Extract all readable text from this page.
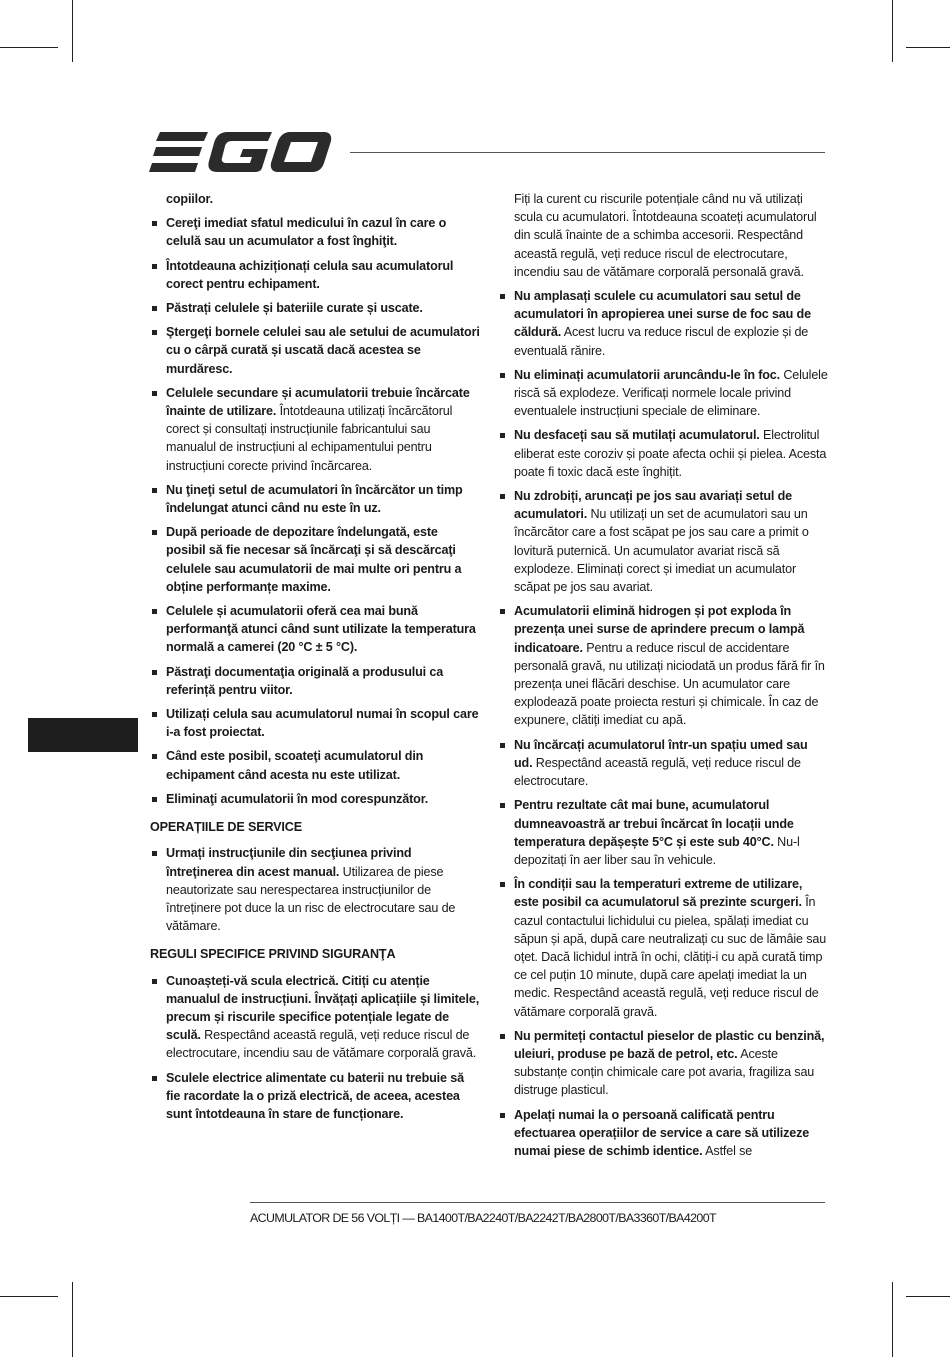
copiilor.

Cereţi imediat sfatul medicului în cazul în care o celulă sau un acumulator a fost înghiţit.
Întotdeauna achiziționați celula sau acumulatorul corect pentru echipament.
Păstrați celulele și bateriile curate și uscate.
Ştergeţi bornele celulei sau ale setului de acumulatori cu o cârpă curată și uscată dacă acestea se murdăresc.
Celulele secundare și acumulatorii trebuie încărcate înainte de utilizare. Întotdeauna utilizați încărcătorul corect și consultați instrucțiunile fabricantului sau manualul de instrucțiuni al echipamentului pentru instrucțiuni corecte privind încărcarea.
Nu ţineţi setul de acumulatori în încărcător un timp îndelungat atunci când nu este în uz.
După perioade de depozitare îndelungată, este posibil să fie necesar să încărcaţi și să descărcaţi celulele sau acumulatorii de mai multe ori pentru a obține performanțe maxime.
Celulele și acumulatorii oferă cea mai bună performanţă atunci când sunt utilizate la temperatura normală a camerei (20 °C ± 5 °C).
Păstraţi documentaţia originală a produsului ca referință pentru viitor.
Utilizați celula sau acumulatorul numai în scopul care i-a fost proiectat.
Când este posibil, scoateţi acumulatorul din echipament când acesta nu este utilizat.
Eliminaţi acumulatorii în mod corespunzător.
OPERAȚIILE DE SERVICE
Urmați instrucţiunile din secţiunea privind întreţinerea din acest manual. Utilizarea de piese neautorizate sau nerespectarea instrucțiunilor de întreținere pot duce la un risc de electrocutare sau de vătămare.
REGULI SPECIFICE PRIVIND SIGURANŢA
Cunoașteți-vă scula electrică. Citiți cu atenție manualul de instrucțiuni. Învățați aplicațiile și limitele, precum și riscurile specifice potențiale legate de sculă. Respectând această regulă, veți reduce riscul de electrocutare, incendiu sau de vătămare corporală gravă.
Sculele electrice alimentate cu baterii nu trebuie să fie racordate la o priză electrică, de aceea, acestea sunt întotdeauna în stare de funcționare.

Fiți la curent cu riscurile potențiale când nu vă utilizați scula cu acumulatori. Întotdeauna scoateți acumulatorul din sculă înainte de a schimba accesorii. Respectând această regulă, veți reduce riscul de electrocutare, incendiu sau de vătămare corporală personală gravă.

Nu amplasați sculele cu acumulatori sau setul de acumulatori în apropierea unei surse de foc sau de căldură. Acest lucru va reduce riscul de explozie și de eventuală rănire.
Nu eliminați acumulatorii aruncându-le în foc. Celulele riscă să explodeze. Verificați normele locale privind eventualele instrucțiuni speciale de eliminare.
Nu desfaceți sau să mutilați acumulatorul. Electrolitul eliberat este coroziv și poate afecta ochii și pielea. Acesta poate fi toxic dacă este înghițit.
Nu zdrobiți, aruncați pe jos sau avariați setul de acumulatori. Nu utilizați un set de acumulatori sau un încărcător care a fost scăpat pe jos sau care a primit o lovitură puternică. Un acumulator avariat riscă să explodeze. Eliminați corect și imediat un acumulator scăpat pe jos sau avariat.
Acumulatorii elimină hidrogen și pot exploda în prezența unei surse de aprindere precum o lampă indicatoare. Pentru a reduce riscul de accidentare personală gravă, nu utilizați niciodată un produs fără fir în prezența unei flăcări deschise. Un acumulator care explodează poate proiecta resturi și chimicale. În caz de expunere, clătiți imediat cu apă.
Nu încărcați acumulatorul într-un spațiu umed sau ud. Respectând această regulă, veți reduce riscul de electrocutare.
Pentru rezultate cât mai bune, acumulatorul dumneavoastră ar trebui încărcat în locații unde temperatura depășește 5°C și este sub 40°C. Nu-l depozitați în aer liber sau în vehicule.
În condiții sau la temperaturi extreme de utilizare, este posibil ca acumulatorul să prezinte scurgeri. În cazul contactului lichidului cu pielea, spălați imediat cu săpun și apă, după care neutralizați cu suc de lămâie sau oțet. Dacă lichidul intră în ochi, clătiți-i cu apă curată timp ce cel puțin 10 minute, după care apelați imediat la un medic. Respectând această regulă, veți reduce riscul de vătămare corporală gravă.
Nu permiteți contactul pieselor de plastic cu benzină, uleiuri, produse pe bază de petrol, etc. Aceste substanțe conțin chimicale care pot avaria, fragiliza sau distruge plasticul.
Apelați numai la o persoană calificată pentru efectuarea operațiilor de service a care să utilizeze numai piese de schimb identice. Astfel se
ACUMULATOR DE 56 VOLȚI — BA1400T/BA2240T/BA2242T/BA2800T/BA3360T/BA4200T
